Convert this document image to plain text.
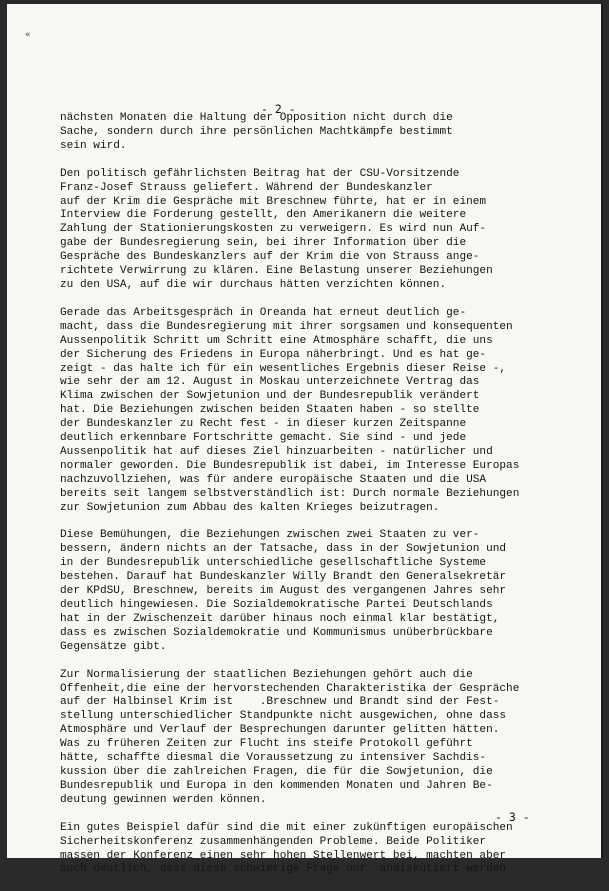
«
- 2 -
nächsten Monaten die Haltung der Opposition nicht durch die
Sache, sondern durch ihre persönlichen Machtkämpfe bestimmt
sein wird.
Den politisch gefährlichsten Beitrag hat der CSU-Vorsitzende
Franz-Josef Strauss geliefert. Während der Bundeskanzler
auf der Krim die Gespräche mit Breschnew führte, hat er in einem
Interview die Forderung gestellt, den Amerikanern die weitere
Zahlung der Stationierungskosten zu verweigern. Es wird nun Auf-
gabe der Bundesregierung sein, bei ihrer Information über die
Gespräche des Bundeskanzlers auf der Krim die von Strauss ange-
richtete Verwirrung zu klären. Eine Belastung unserer Beziehungen
zu den USA, auf die wir durchaus hätten verzichten können.
Gerade das Arbeitsgespräch in Oreanda hat erneut deutlich ge-
macht, dass die Bundesregierung mit ihrer sorgsamen und konsequenten
Aussenpolitik Schritt um Schritt eine Atmosphäre schafft, die uns
der Sicherung des Friedens in Europa näherbringt. Und es hat ge-
zeigt - das halte ich für ein wesentliches Ergebnis dieser Reise -,
wie sehr der am 12. August in Moskau unterzeichnete Vertrag das
Klima zwischen der Sowjetunion und der Bundesrepublik verändert
hat. Die Beziehungen zwischen beiden Staaten haben - so stellte
der Bundeskanzler zu Recht fest - in dieser kurzen Zeitspanne
deutlich erkennbare Fortschritte gemacht. Sie sind - und jede
Aussenpolitik hat auf dieses Ziel hinzuarbeiten - natürlicher und
normaler geworden. Die Bundesrepublik ist dabei, im Interesse Europas
nachzuvollziehen, was für andere europäische Staaten und die USA
bereits seit langem selbstverständlich ist: Durch normale Beziehungen
zur Sowjetunion zum Abbau des kalten Krieges beizutragen.
Diese Bemühungen, die Beziehungen zwischen zwei Staaten zu ver-
bessern, ändern nichts an der Tatsache, dass in der Sowjetunion und
in der Bundesrepublik unterschiedliche gesellschaftliche Systeme
bestehen. Darauf hat Bundeskanzler Willy Brandt den Generalsekretär
der KPdSU, Breschnew, bereits im August des vergangenen Jahres sehr
deutlich hingewiesen. Die Sozialdemokratische Partei Deutschlands
hat in der Zwischenzeit darüber hinaus noch einmal klar bestätigt,
dass es zwischen Sozialdemokratie und Kommunismus unüberbrückbare
Gegensätze gibt.
Zur Normalisierung der staatlichen Beziehungen gehört auch die
Offenheit,die eine der hervorstechenden Charakteristika der Gespräche
auf der Halbinsel Krim ist    .Breschnew und Brandt sind der Fest-
stellung unterschiedlicher Standpunkte nicht ausgewichen, ohne dass
Atmosphäre und Verlauf der Besprechungen darunter gelitten hätten.
Was zu früheren Zeiten zur Flucht ins steife Protokoll geführt
hätte, schaffte diesmal die Voraussetzung zu intensiver Sachdis-
kussion über die zahlreichen Fragen, die für die Sowjetunion, die
Bundesrepublik und Europa in den kommenden Monaten und Jahren Be-
deutung gewinnen werden können.
Ein gutes Beispiel dafür sind die mit einer zukünftigen europäischen
Sicherheitskonferenz zusammenhängenden Probleme. Beide Politiker
massen der Konferenz einen sehr hohen Stellenwert bei, machten aber
auch deutlich, dass diese schwierige Frage nur  andiskutiert werden
- 3 -
